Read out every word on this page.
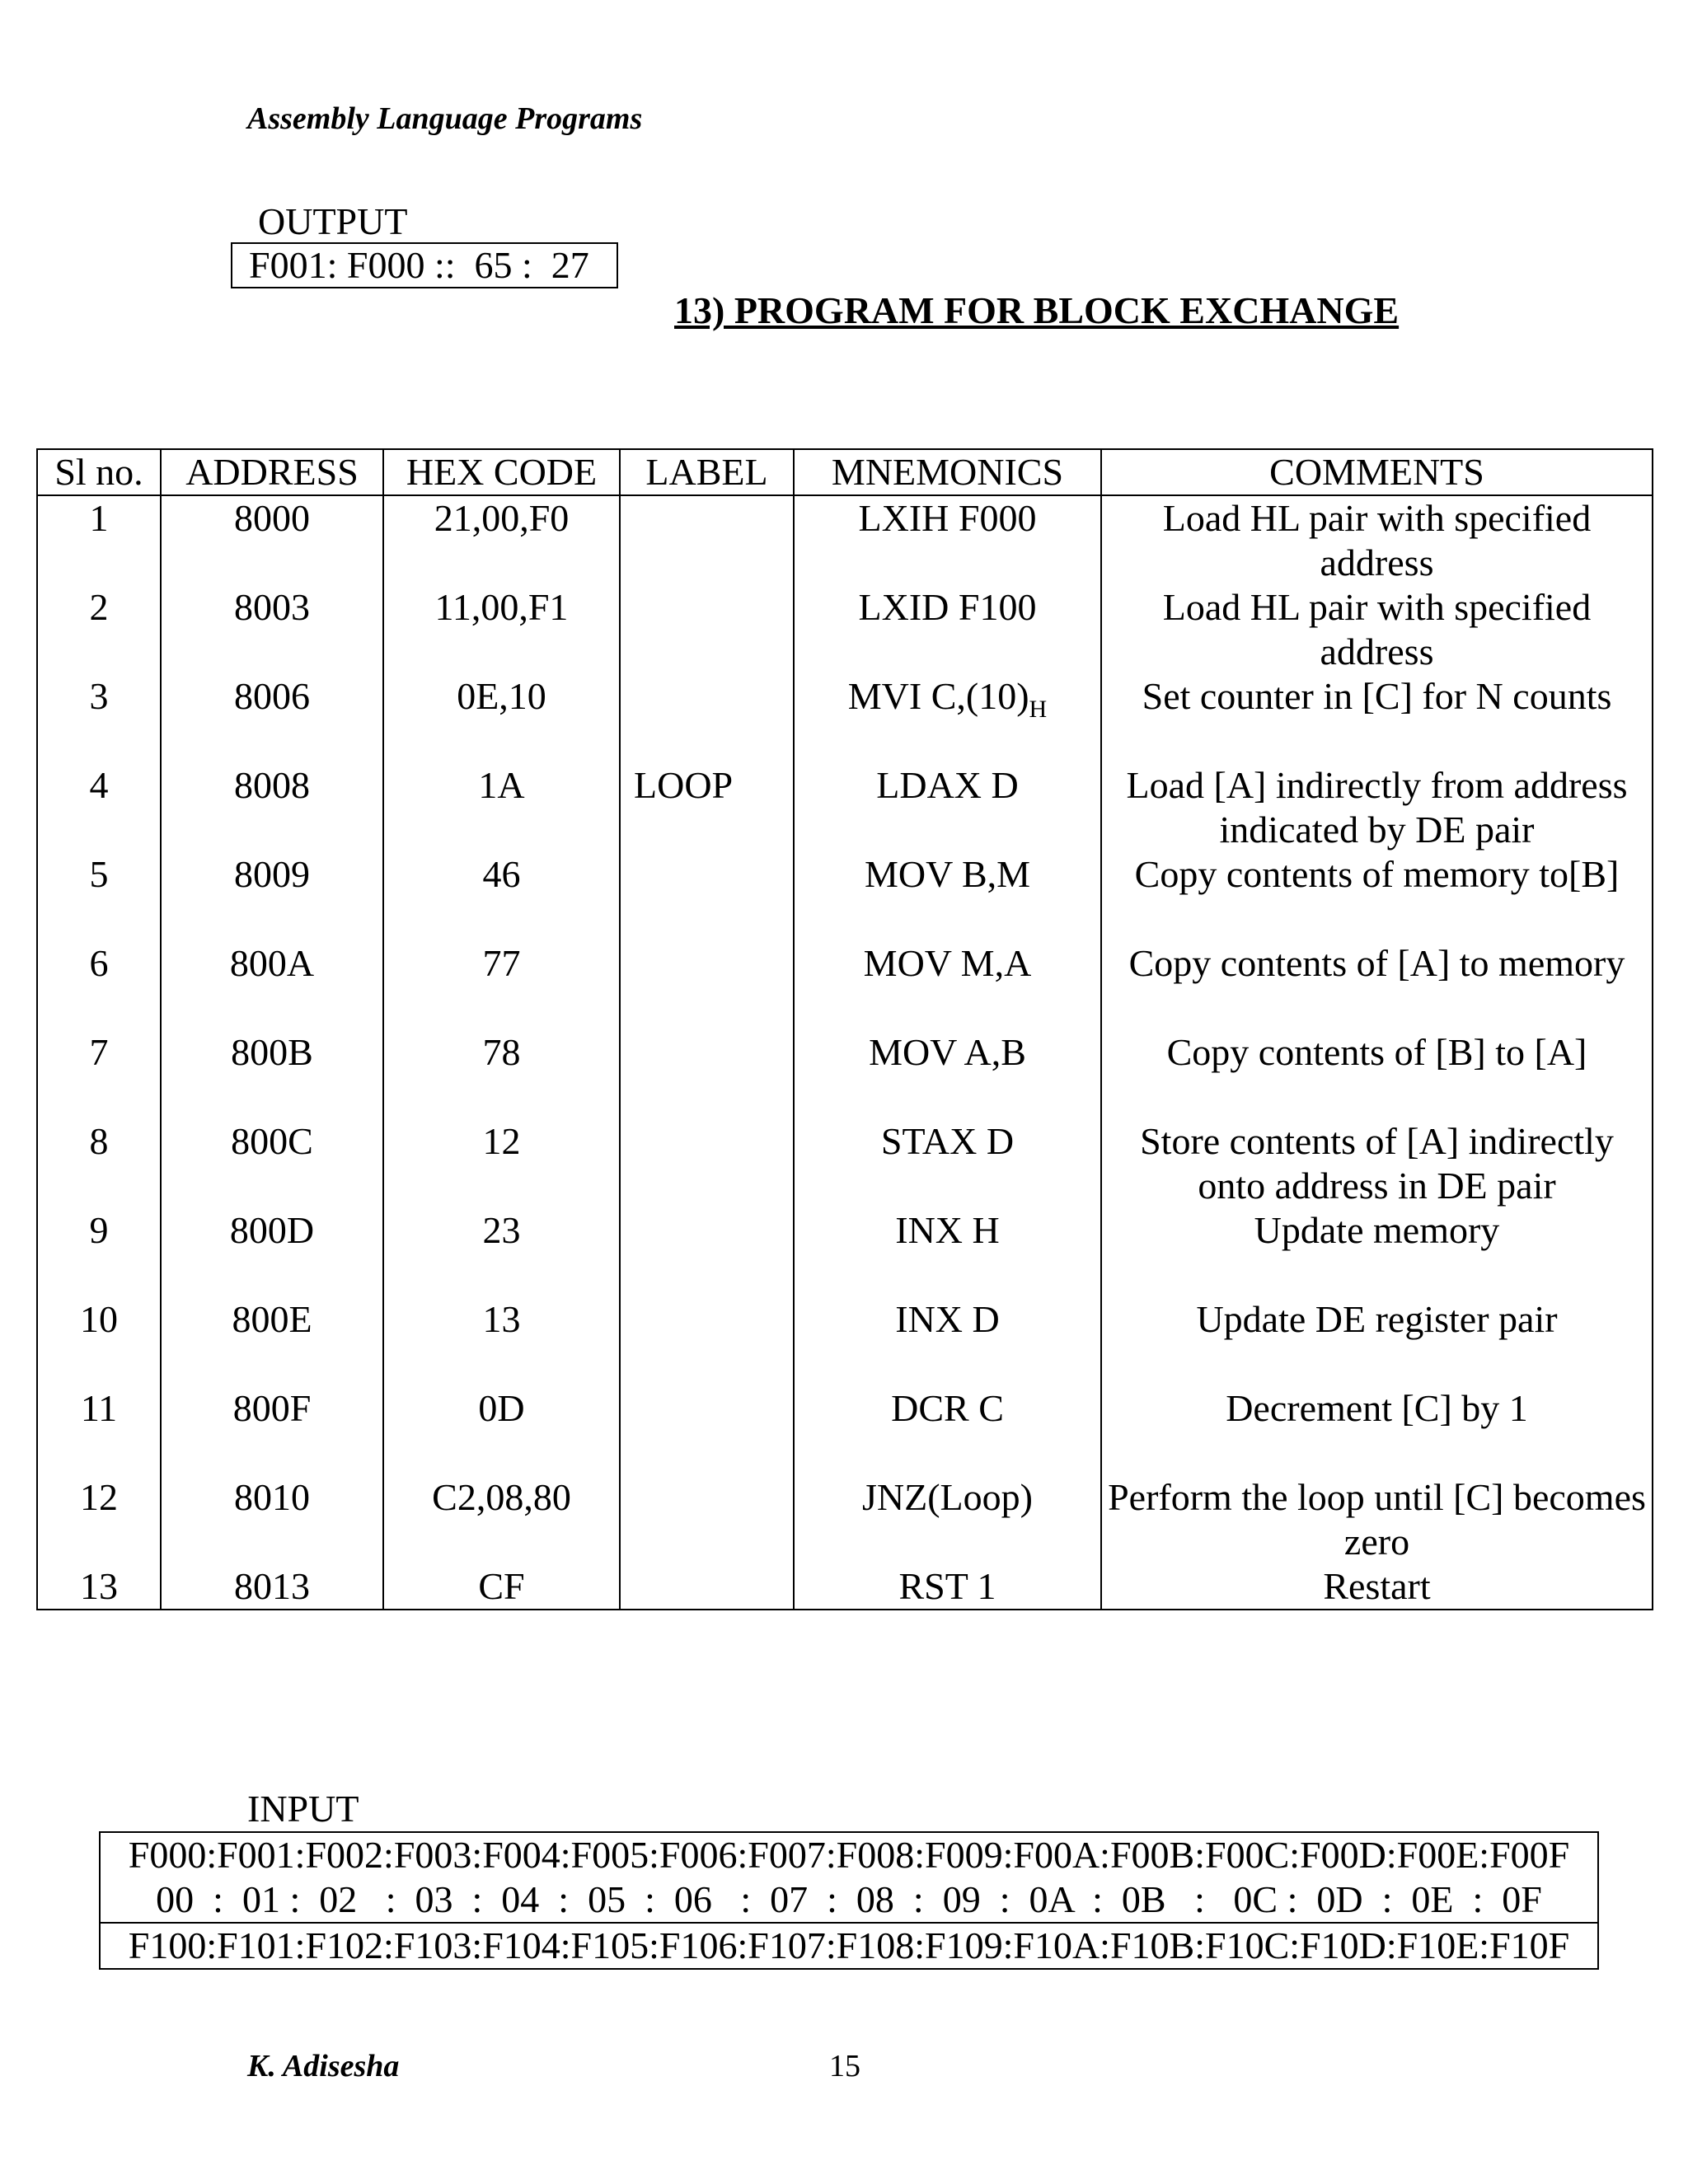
Assembly Language Programs
OUTPUT
F001: F000 ::  65 :  27
13) PROGRAM FOR BLOCK EXCHANGE
Sl no.	ADDRESS	HEX CODE	LABEL	MNEMONICS	COMMENTS
1	8000	21,00,F0		LXIH F000	Load HL pair with specified address
2	8003	11,00,F1		LXID F100	Load HL pair with specified address
3	8006	0E,10		MVI $C,(10)_H$	Set counter in [C] for N counts
4	8008	1A	LOOP	LDAX D	Load [A] indirectly from address indicated by DE pair
5	8009	46		MOV B,M	Copy contents of memory to[B]
6	800A	77		MOV M,A	Copy contents of [A] to memory
7	800B	78		MOV A,B	Copy contents of [B] to [A]
8	800C	12		STAX D	Store contents of [A] indirectly onto address in DE pair
9	800D	23		INX H	Update memory
10	800E	13		INX D	Update DE register pair
11	800F	0D		DCR C	Decrement [C] by 1
12	8010	C2,08,80		JNZ(Loop)	Perform the loop until [C] becomes zero
13	8013	CF		RST 1	Restart
INPUT
F000:F001:F002:F003:F004:F005:F006:F007:F008:F009:F00A:F00B:F00C:F00D:F00E:F00F
00  :  01 :  02   :  03  :  04  :  05  :  06   :  07  :  08  :  09  :  0A  :  0B   :   0C :  0D  :  0E  :  0F
F100:F101:F102:F103:F104:F105:F106:F107:F108:F109:F10A:F10B:F10C:F10D:F10E:F10F
K. Adisesha	15
